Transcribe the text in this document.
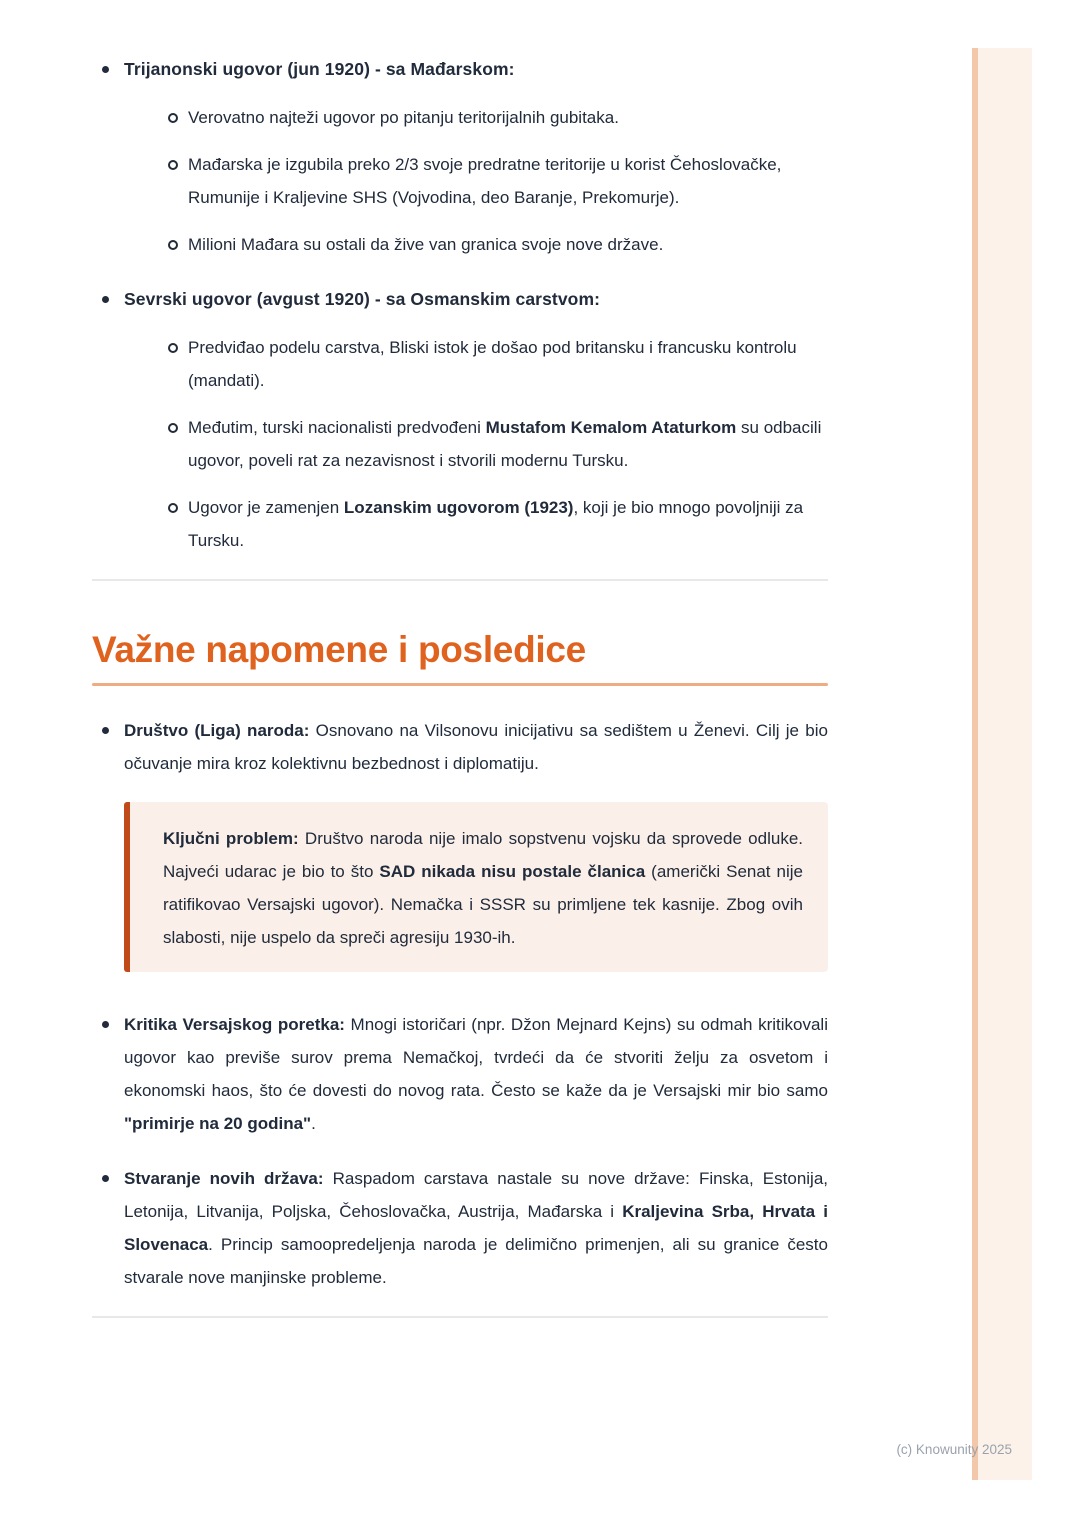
Trijanonski ugovor (jun 1920) - sa Mađarskom:
Verovatno najteži ugovor po pitanju teritorijalnih gubitaka.
Mađarska je izgubila preko 2/3 svoje predratne teritorije u korist Čehoslovačke, Rumunije i Kraljevine SHS (Vojvodina, deo Baranje, Prekomurje).
Milioni Mađara su ostali da žive van granica svoje nove države.
Sevrski ugovor (avgust 1920) - sa Osmanskim carstvom:
Predviđao podelu carstva, Bliski istok je došao pod britansku i francusku kontrolu (mandati).
Međutim, turski nacionalisti predvođeni Mustafom Kemalom Ataturkom su odbacili ugovor, poveli rat za nezavisnost i stvorili modernu Tursku.
Ugovor je zamenjen Lozanskim ugovorom (1923), koji je bio mnogo povoljniji za Tursku.
Važne napomene i posledice
Društvo (Liga) naroda: Osnovano na Vilsonovu inicijativu sa sedištem u Ženevi. Cilj je bio očuvanje mira kroz kolektivnu bezbednost i diplomatiju.
Ključni problem: Društvo naroda nije imalo sopstvenu vojsku da sprovede odluke. Najveći udarac je bio to što SAD nikada nisu postale članica (američki Senat nije ratifikovao Versajski ugovor). Nemačka i SSSR su primljene tek kasnije. Zbog ovih slabosti, nije uspelo da spreči agresiju 1930-ih.
Kritika Versajskog poretka: Mnogi istoričari (npr. Džon Mejnard Kejns) su odmah kritikovali ugovor kao previše surov prema Nemačkoj, tvrdeći da će stvoriti želju za osvetom i ekonomski haos, što će dovesti do novog rata. Često se kaže da je Versajski mir bio samo "primirje na 20 godina".
Stvaranje novih država: Raspadom carstava nastale su nove države: Finska, Estonija, Letonija, Litvanija, Poljska, Čehoslovačka, Austrija, Mađarska i Kraljevina Srba, Hrvata i Slovenaca. Princip samoopredeljenja naroda je delimično primenjen, ali su granice često stvarale nove manjinske probleme.
(c) Knowunity 2025
